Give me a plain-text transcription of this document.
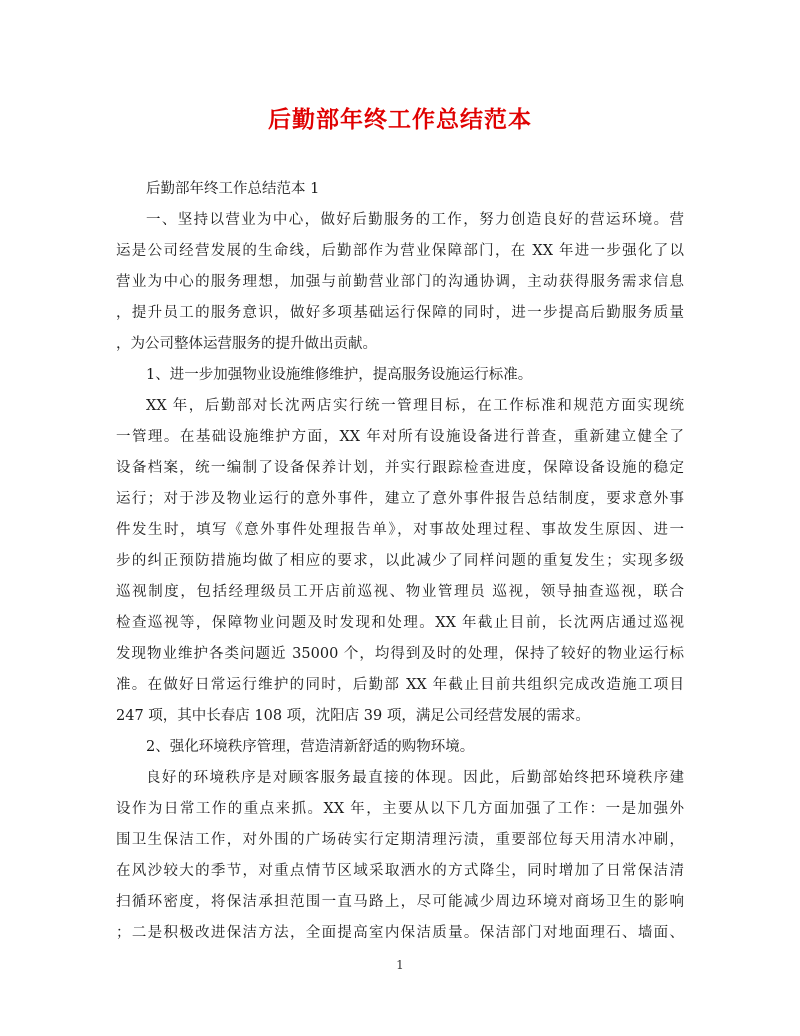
后勤部年终工作总结范本
后勤部年终工作总结范本 1
一、坚持以营业为中心，做好后勤服务的工作，努力创造良好的营运环境。营
运是公司经营发展的生命线，后勤部作为营业保障部门，在 XX 年进一步强化了以
营业为中心的服务理想，加强与前勤营业部门的沟通协调，主动获得服务需求信息
，提升员工的服务意识，做好多项基础运行保障的同时，进一步提高后勤服务质量
，为公司整体运营服务的提升做出贡献。
1、进一步加强物业设施维修维护，提高服务设施运行标准。
XX 年，后勤部对长沈两店实行统一管理目标，在工作标准和规范方面实现统
一管理。在基础设施维护方面，XX 年对所有设施设备进行普查，重新建立健全了
设备档案，统一编制了设备保养计划，并实行跟踪检查进度，保障设备设施的稳定
运行；对于涉及物业运行的意外事件，建立了意外事件报告总结制度，要求意外事
件发生时，填写《意外事件处理报告单》，对事故处理过程、事故发生原因、进一
步的纠正预防措施均做了相应的要求，以此减少了同样问题的重复发生；实现多级
巡视制度，包括经理级员工开店前巡视、物业管理员 巡视，领导抽查巡视，联合
检查巡视等，保障物业问题及时发现和处理。XX 年截止目前，长沈两店通过巡视
发现物业维护各类问题近 35000 个，均得到及时的处理，保持了较好的物业运行标
准。在做好日常运行维护的同时，后勤部 XX 年截止目前共组织完成改造施工项目
247 项，其中长春店 108 项，沈阳店 39 项，满足公司经营发展的需求。
2、强化环境秩序管理，营造清新舒适的购物环境。
良好的环境秩序是对顾客服务最直接的体现。因此，后勤部始终把环境秩序建
设作为日常工作的重点来抓。XX 年，主要从以下几方面加强了工作：一是加强外
围卫生保洁工作，对外围的广场砖实行定期清理污渍，重要部位每天用清水冲刷，
在风沙较大的季节，对重点情节区域采取洒水的方式降尘，同时增加了日常保洁清
扫循环密度，将保洁承担范围一直马路上，尽可能减少周边环境对商场卫生的影响
；二是积极改进保洁方法，全面提高室内保洁质量。保洁部门对地面理石、墙面、
1
